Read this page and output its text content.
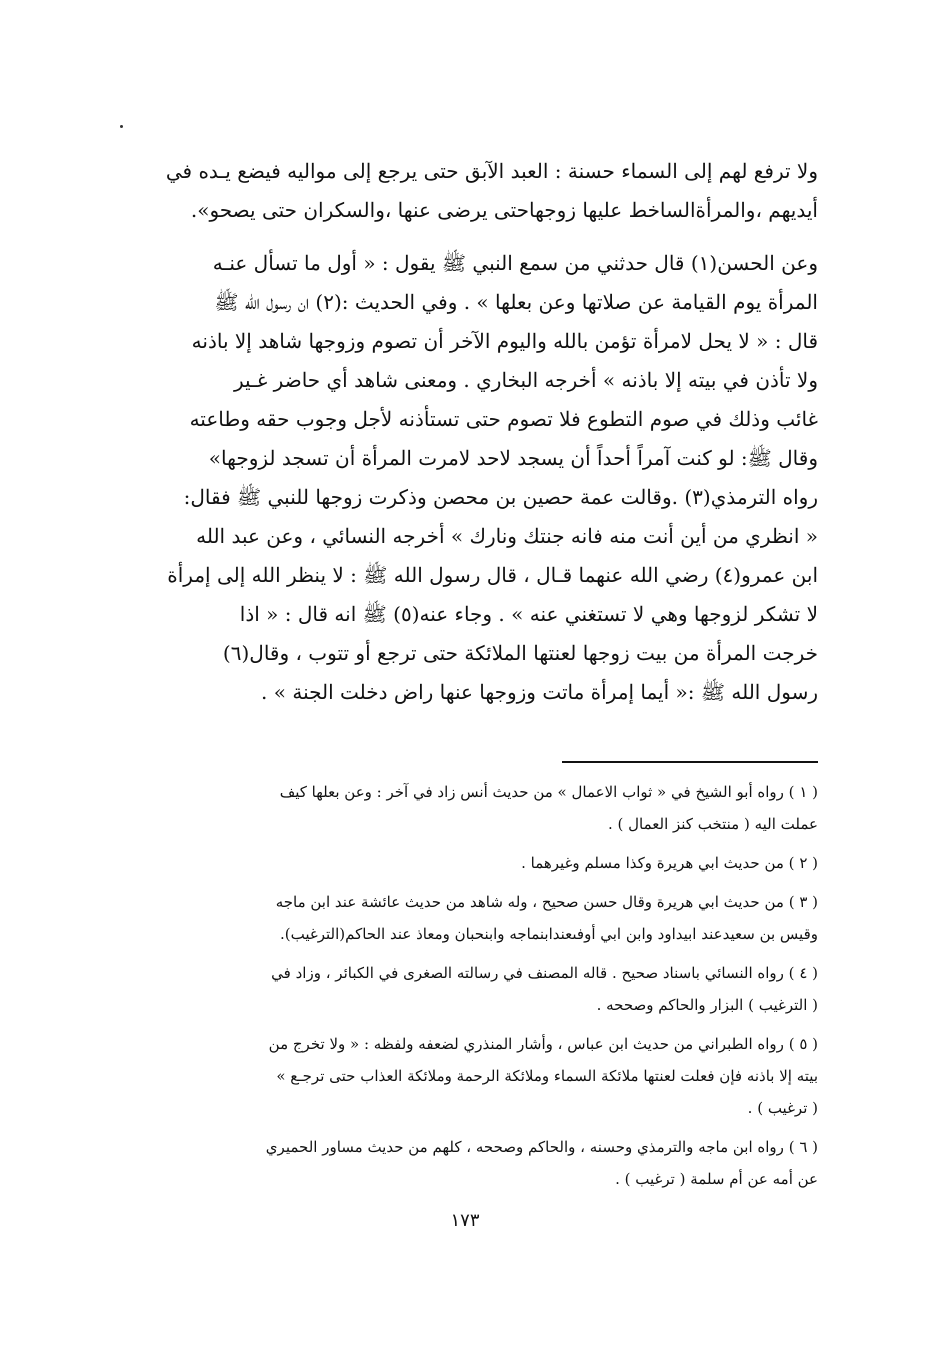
ولا ترفع لهم إلى السماء حسنة : العبد الآبق حتى يرجع إلى مواليه فيضع يـده في
أيديهم ،والمرأةالساخط عليها زوجهاحتى يرضى عنها ،والسكران حتى يصحو».
وعن الحسن(١) قال حدثني من سمع النبي ﷺ يقول : « أول ما تسأل عنـه
المرأة يوم القيامة عن صلاتها وعن بعلها » . وفي الحديث :(٢) ان رسول الله ﷺ
قال : « لا يحل لامرأة تؤمن بالله واليوم الآخر أن تصوم وزوجها شاهد إلا باذنه
ولا تأذن في بيته إلا باذنه » أخرجه البخاري . ومعنى شاهد أي حاضر غـير
غائب وذلك في صوم التطوع فلا تصوم حتى تستأذنه لأجل وجوب حقه وطاعته
وقال ﷺ: لو كنت آمراً أحداً أن يسجد لاحد لامرت المرأة أن تسجد لزوجها»
رواه الترمذي(٣) .وقالت عمة حصين بن محصن وذكرت زوجها للنبي ﷺ فقال:
« انظري من أين أنت منه فانه جنتك ونارك » أخرجه النسائي ، وعن عبد الله
ابن عمرو(٤) رضي الله عنهما قـال ، قال رسول الله ﷺ : لا ينظر الله إلى إمرأة
لا تشكر لزوجها وهي لا تستغني عنه » . وجاء عنه(٥) ﷺ انه قال : « اذا
خرجت المرأة من بيت زوجها لعنتها الملائكة حتى ترجع أو تتوب ، وقال(٦)
رسول الله ﷺ :« أيما إمرأة ماتت وزوجها عنها راض دخلت الجنة » .
( ١ ) رواه أبو الشيخ في « ثواب الاعمال » من حديث أنس زاد في آخر : وعن بعلها كيف
عملت اليه ( منتخب كنز العمال ) .
( ٢ ) من حديث ابي هريرة وكذا مسلم وغيرهما .
( ٣ ) من حديث ابي هريرة وقال حسن صحيح ، وله شاهد من حديث عائشة عند ابن ماجه
وقيس بن سعيدعند ابيداود وابن ابي أوفىعندابنماجه وابنحبان ومعاذ عند الحاكم(الترغيب).
( ٤ ) رواه النسائي باسناد صحيح . قاله المصنف في رسالته الصغرى في الكبائر ، وزاد في
( الترغيب ) البزار والحاكم وصححه .
( ٥ ) رواه الطبراني من حديث ابن عباس ، وأشار المنذري لضعفه ولفظه : « ولا تخرج من
بيته إلا باذنه فإن فعلت لعنتها ملائكة السماء وملائكة الرحمة وملائكة العذاب حتى ترجـع »
( ترغيب ) .
( ٦ ) رواه ابن ماجه والترمذي وحسنه ، والحاكم وصححه ، كلهم من حديث مساور الحميري
عن أمه عن أم سلمة ( ترغيب ) .
١٧٣
